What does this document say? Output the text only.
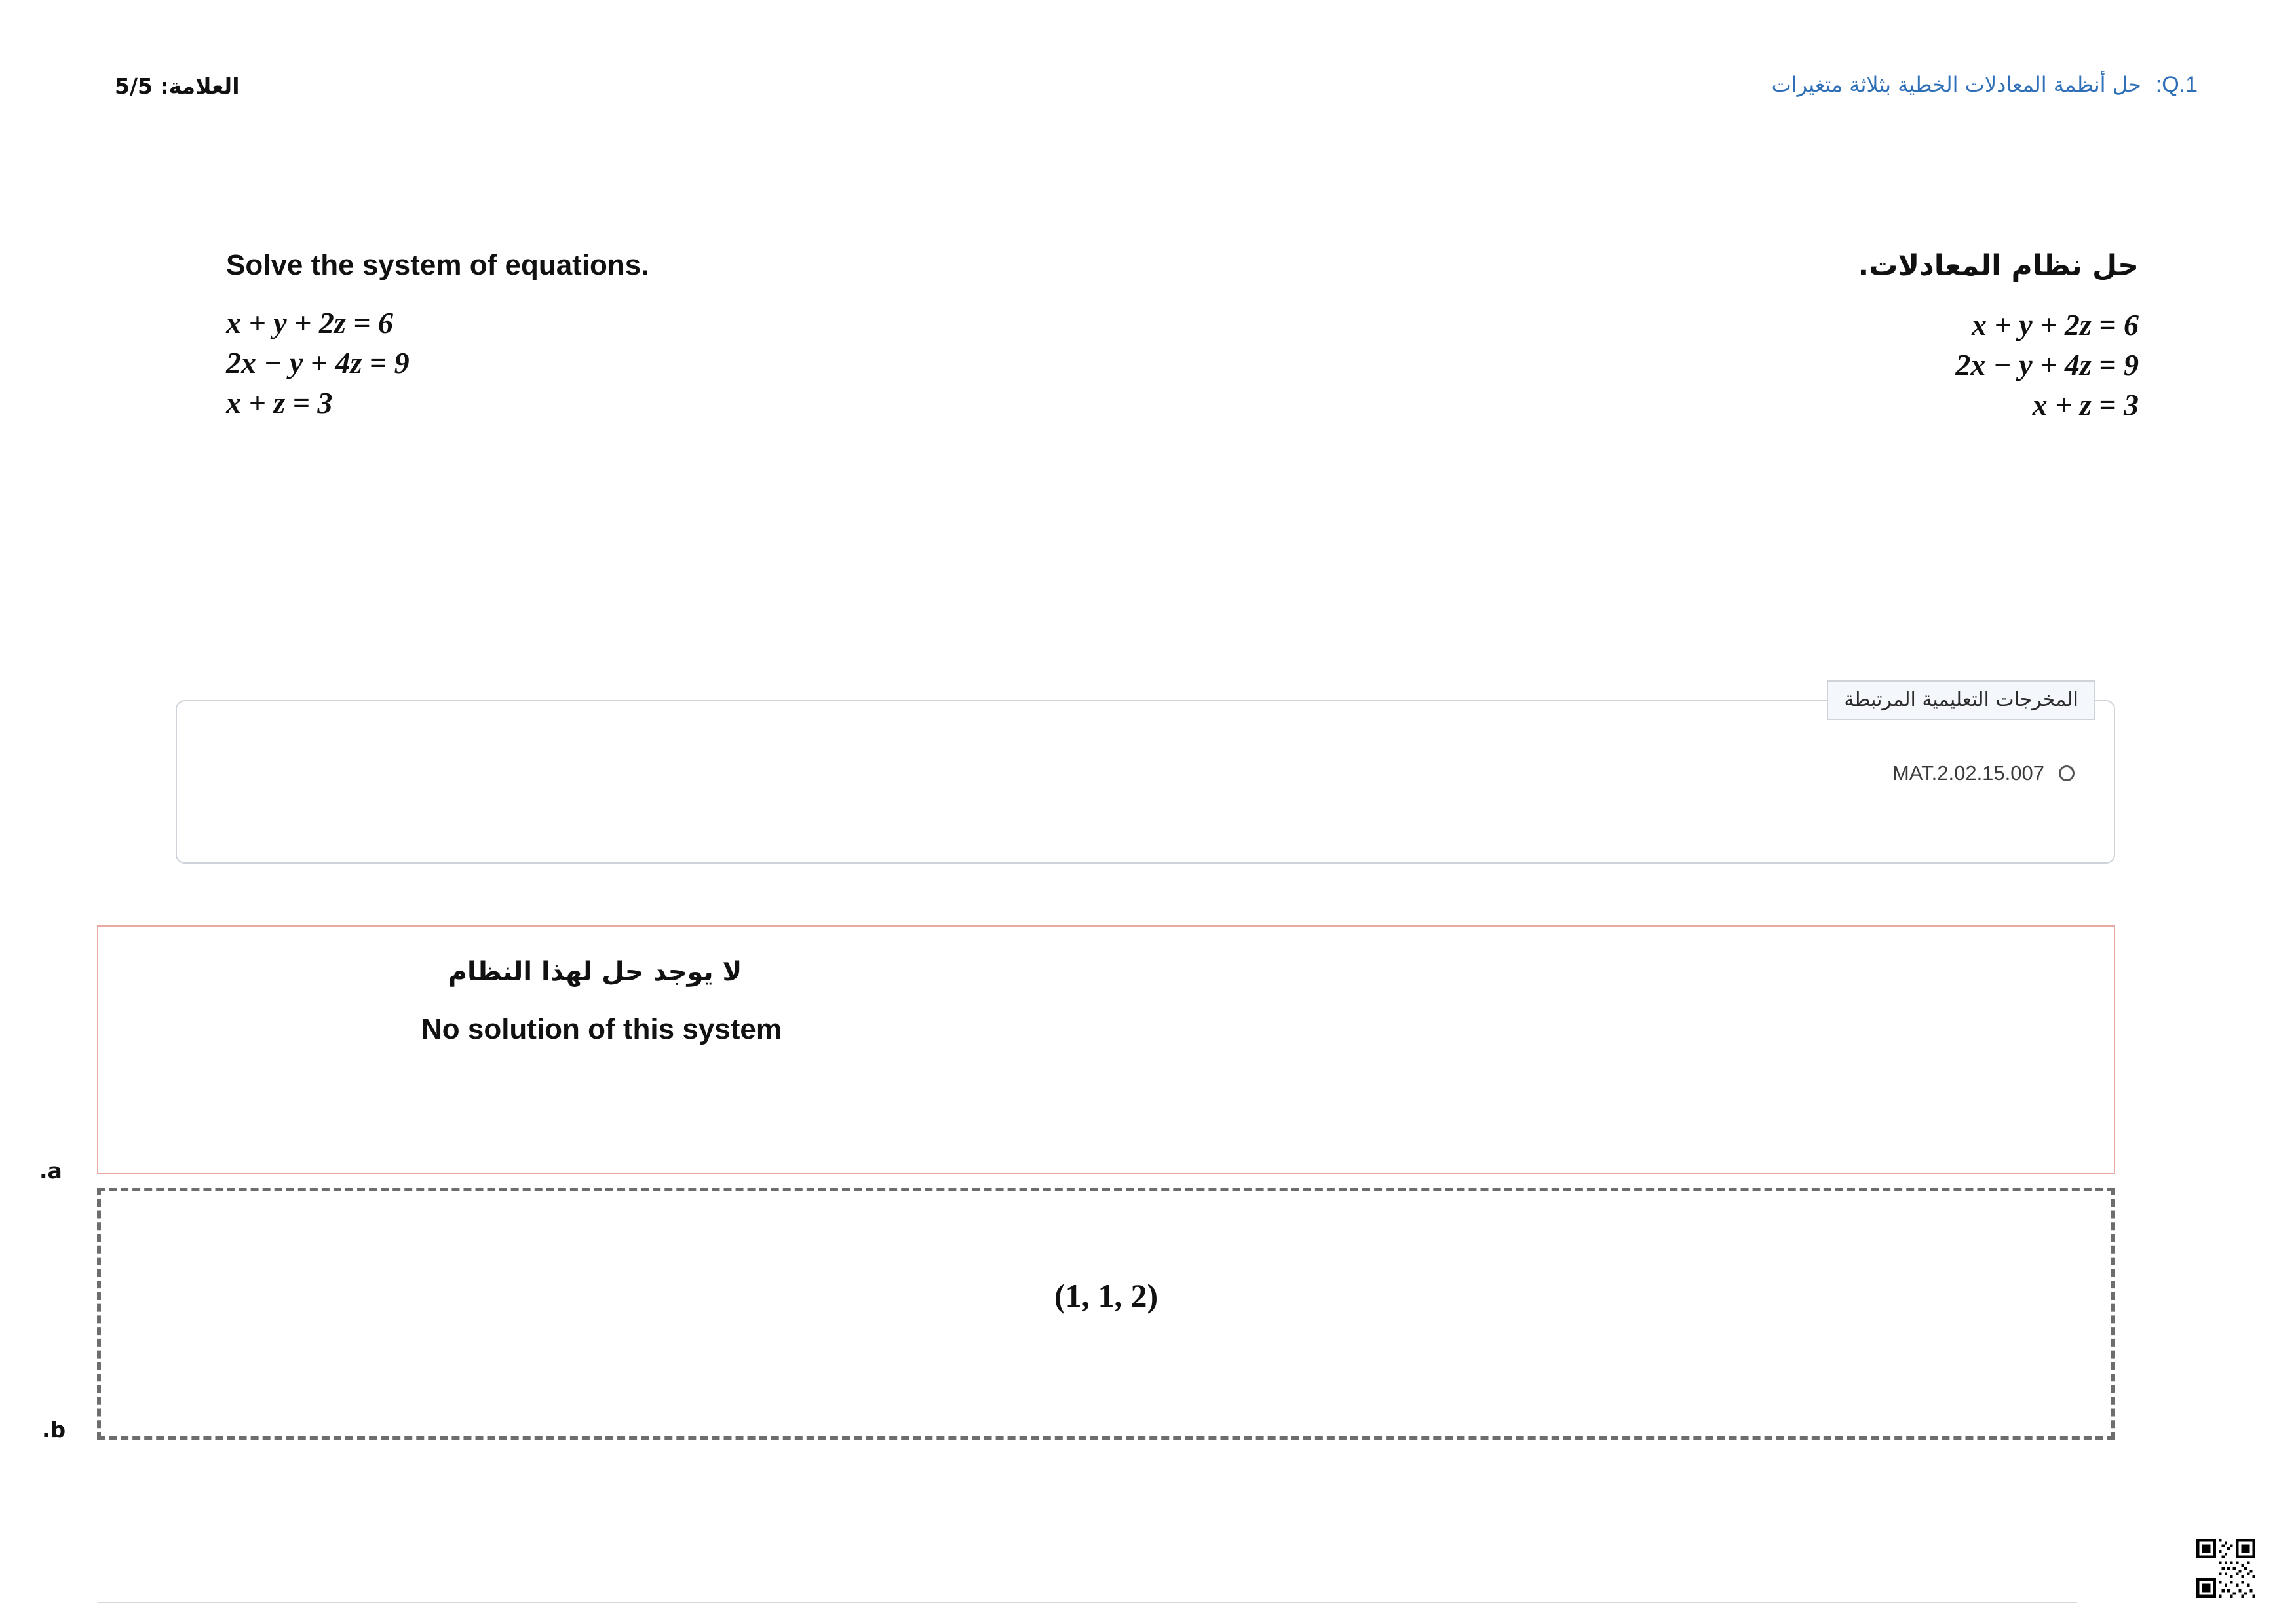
Q.1:
حل أنظمة المعادلات الخطية بثلاثة متغيرات
العلامة: 5/5
حل نظام المعادلات.
x + y + 2z = 6
2x − y + 4z = 9
x + z = 3
Solve the system of equations.
x + y + 2z = 6
2x − y + 4z = 9
x + z = 3
المخرجات التعليمية المرتبطة
MAT.2.02.15.007
.a
لا يوجد حل لهذا النظام
No solution of this system
.b
(1, 1, 2)
